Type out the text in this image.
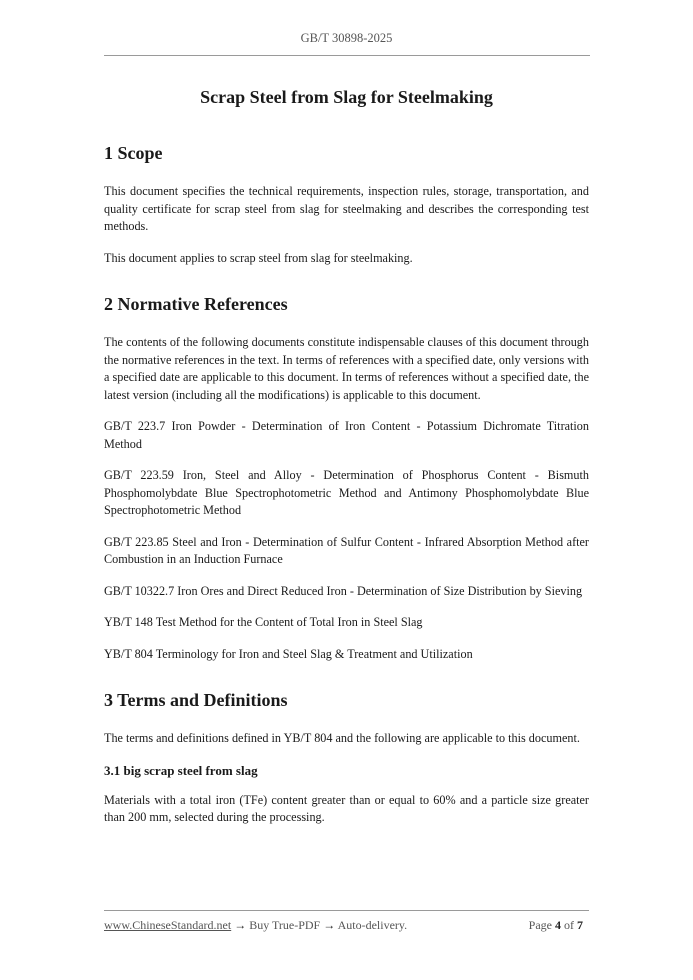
GB/T 30898-2025
Scrap Steel from Slag for Steelmaking
1 Scope

This document specifies the technical requirements, inspection rules, storage, transportation, and quality certificate for scrap steel from slag for steelmaking and describes the corresponding test methods.

This document applies to scrap steel from slag for steelmaking.

2 Normative References

The contents of the following documents constitute indispensable clauses of this document through the normative references in the text. In terms of references with a specified date, only versions with a specified date are applicable to this document. In terms of references without a specified date, the latest version (including all the modifications) is applicable to this document.

GB/T 223.7 Iron Powder - Determination of Iron Content - Potassium Dichromate Titration Method

GB/T 223.59 Iron, Steel and Alloy - Determination of Phosphorus Content - Bismuth Phosphomolybdate Blue Spectrophotometric Method and Antimony Phosphomolybdate Blue Spectrophotometric Method

GB/T 223.85 Steel and Iron - Determination of Sulfur Content - Infrared Absorption Method after Combustion in an Induction Furnace

GB/T 10322.7 Iron Ores and Direct Reduced Iron - Determination of Size Distribution by Sieving

YB/T 148 Test Method for the Content of Total Iron in Steel Slag

YB/T 804 Terminology for Iron and Steel Slag & Treatment and Utilization

3 Terms and Definitions

The terms and definitions defined in YB/T 804 and the following are applicable to this document.

3.1 big scrap steel from slag

Materials with a total iron (TFe) content greater than or equal to 60% and a particle size greater than 200 mm, selected during the processing.

www.ChineseStandard.net → Buy True-PDF → Auto-delivery.	Page 4 of 7
